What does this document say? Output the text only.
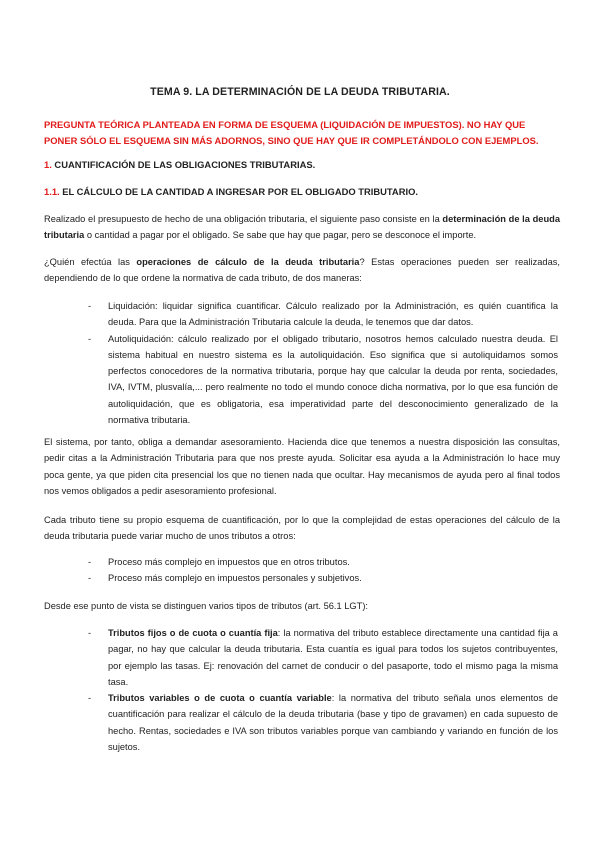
TEMA 9. LA DETERMINACIÓN DE LA DEUDA TRIBUTARIA.
PREGUNTA TEÓRICA PLANTEADA EN FORMA DE ESQUEMA (LIQUIDACIÓN DE IMPUESTOS). NO HAY QUE PONER SÓLO EL ESQUEMA SIN MÁS ADORNOS, SINO QUE HAY QUE IR COMPLETÁNDOLO CON EJEMPLOS.
1. CUANTIFICACIÓN DE LAS OBLIGACIONES TRIBUTARIAS.
1.1. EL CÁLCULO DE LA CANTIDAD A INGRESAR POR EL OBLIGADO TRIBUTARIO.

Realizado el presupuesto de hecho de una obligación tributaria, el siguiente paso consiste en la determinación de la deuda tributaria o cantidad a pagar por el obligado. Se sabe que hay que pagar, pero se desconoce el importe.

¿Quién efectúa las operaciones de cálculo de la deuda tributaria? Estas operaciones pueden ser realizadas, dependiendo de lo que ordene la normativa de cada tributo, de dos maneras:

- Liquidación: liquidar significa cuantificar. Cálculo realizado por la Administración, es quién cuantifica la deuda. Para que la Administración Tributaria calcule la deuda, le tenemos que dar datos.
- Autoliquidación: cálculo realizado por el obligado tributario, nosotros hemos calculado nuestra deuda. El sistema habitual en nuestro sistema es la autoliquidación. Eso significa que si autoliquidamos somos perfectos conocedores de la normativa tributaria, porque hay que calcular la deuda por renta, sociedades, IVA, IVTM, plusvalía,... pero realmente no todo el mundo conoce dicha normativa, por lo que esa función de autoliquidación, que es obligatoria, esa imperatividad parte del desconocimiento generalizado de la normativa tributaria.

El sistema, por tanto, obliga a demandar asesoramiento. Hacienda dice que tenemos a nuestra disposición las consultas, pedir citas a la Administración Tributaria para que nos preste ayuda. Solicitar esa ayuda a la Administración lo hace muy poca gente, ya que piden cita presencial los que no tienen nada que ocultar. Hay mecanismos de ayuda pero al final todos nos vemos obligados a pedir asesoramiento profesional.

Cada tributo tiene su propio esquema de cuantificación, por lo que la complejidad de estas operaciones del cálculo de la deuda tributaria puede variar mucho de unos tributos a otros:

- Proceso más complejo en impuestos que en otros tributos.
- Proceso más complejo en impuestos personales y subjetivos.

Desde ese punto de vista se distinguen varios tipos de tributos (art. 56.1 LGT):

- Tributos fijos o de cuota o cuantía fija: la normativa del tributo establece directamente una cantidad fija a pagar, no hay que calcular la deuda tributaria. Esta cuantía es igual para todos los sujetos contribuyentes, por ejemplo las tasas. Ej: renovación del carnet de conducir o del pasaporte, todo el mismo paga la misma tasa.
- Tributos variables o de cuota o cuantía variable: la normativa del tributo señala unos elementos de cuantificación para realizar el cálculo de la deuda tributaria (base y tipo de gravamen) en cada supuesto de hecho. Rentas, sociedades e IVA son tributos variables porque van cambiando y variando en función de los sujetos.
